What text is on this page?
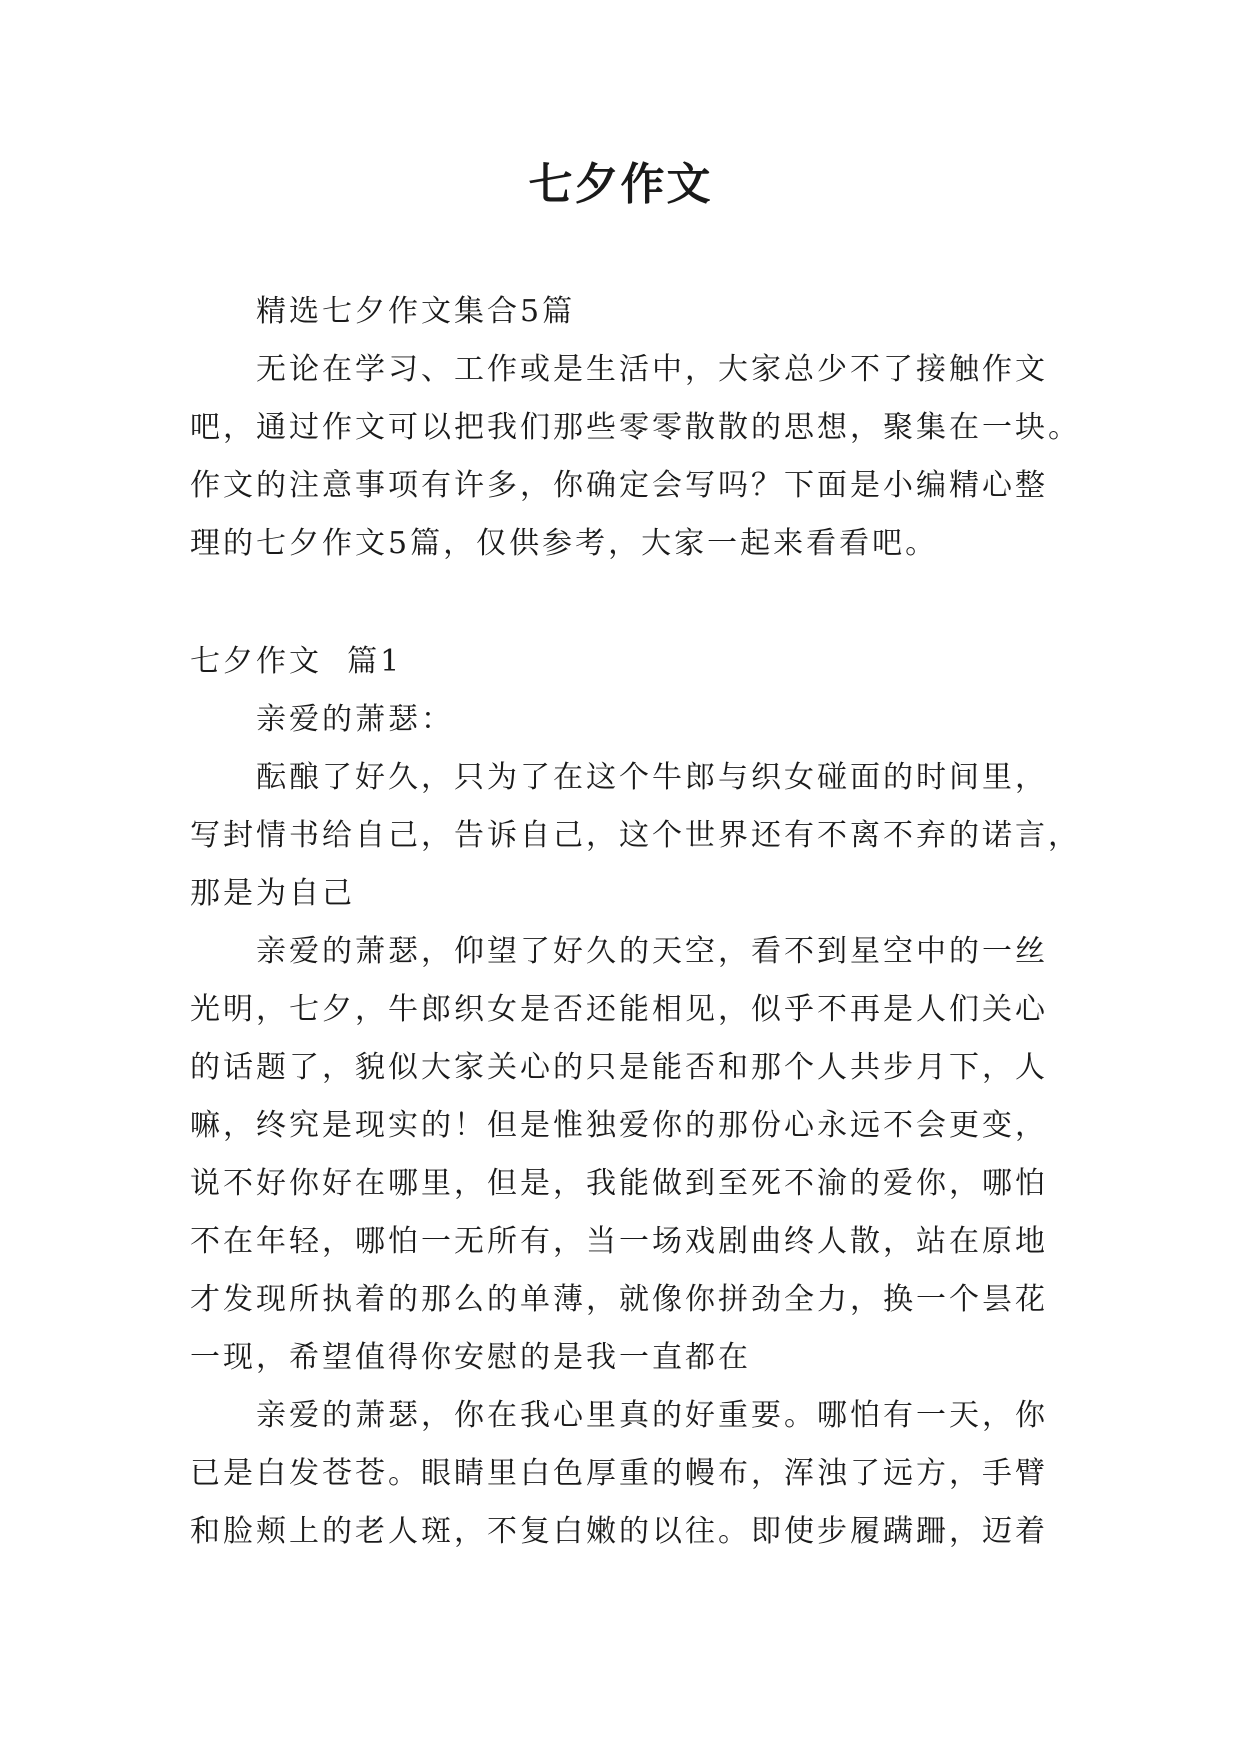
七夕作文
精选七夕作文集合5篇
无论在学习、工作或是生活中，大家总少不了接触作文
吧，通过作文可以把我们那些零零散散的思想，聚集在一块。
作文的注意事项有许多，你确定会写吗？下面是小编精心整
理的七夕作文5篇，仅供参考，大家一起来看看吧。
七夕作文  篇1
亲爱的萧瑟：
酝酿了好久，只为了在这个牛郎与织女碰面的时间里，
写封情书给自己，告诉自己，这个世界还有不离不弃的诺言，
那是为自己
亲爱的萧瑟，仰望了好久的天空，看不到星空中的一丝
光明，七夕，牛郎织女是否还能相见，似乎不再是人们关心
的话题了，貌似大家关心的只是能否和那个人共步月下，人
嘛，终究是现实的！但是惟独爱你的那份心永远不会更变，
说不好你好在哪里，但是，我能做到至死不渝的爱你，哪怕
不在年轻，哪怕一无所有，当一场戏剧曲终人散，站在原地
才发现所执着的那么的单薄，就像你拼劲全力，换一个昙花
一现，希望值得你安慰的是我一直都在
亲爱的萧瑟，你在我心里真的好重要。哪怕有一天，你
已是白发苍苍。眼睛里白色厚重的幔布，浑浊了远方，手臂
和脸颊上的老人斑，不复白嫩的以往。即使步履蹒跚，迈着
